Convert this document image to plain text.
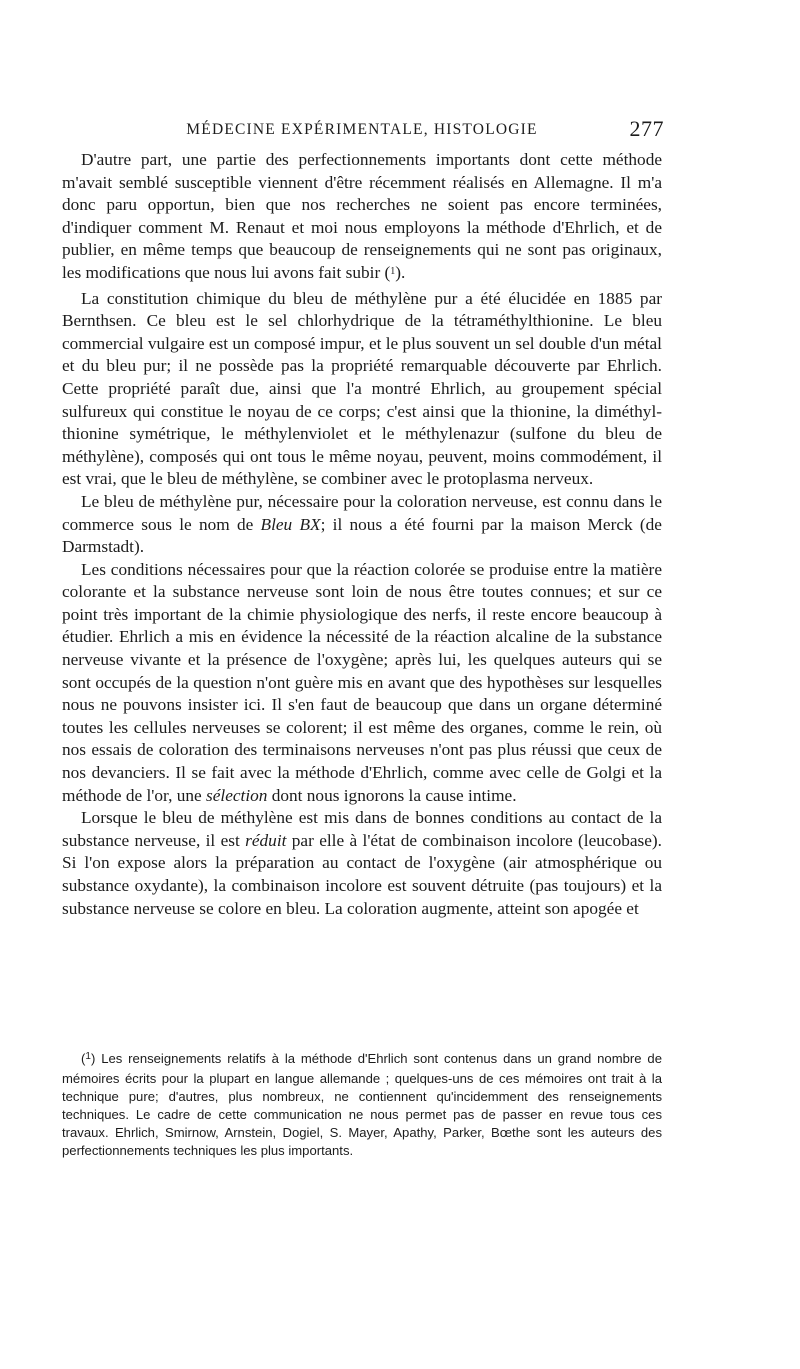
MÉDECINE EXPÉRIMENTALE, HISTOLOGIE	277

D'autre part, une partie des perfectionnements importants dont cette méthode m'avait semblé susceptible viennent d'être récemment réalisés en Allemagne. Il m'a donc paru opportun, bien que nos recherches ne soient pas encore terminées, d'indiquer comment M. Renaut et moi nous employons la méthode d'Ehrlich, et de publier, en même temps que beaucoup de renseignements qui ne sont pas originaux, les modifications que nous lui avons fait subir ($^1$).

La constitution chimique du bleu de méthylène pur a été élucidée en 1885 par Bernthsen. Ce bleu est le sel chlorhydrique de la tétraméthylthionine. Le bleu commercial vulgaire est un composé impur, et le plus souvent un sel double d'un métal et du bleu pur; il ne possède pas la propriété remarquable découverte par Ehrlich. Cette propriété paraît due, ainsi que l'a montré Ehrlich, au groupement spécial sulfureux qui constitue le noyau de ce corps; c'est ainsi que la thionine, la diméthyl-thionine symétrique, le méthylenviolet et le méthylenazur (sulfone du bleu de méthylène), composés qui ont tous le même noyau, peuvent, moins commodément, il est vrai, que le bleu de méthylène, se combiner avec le protoplasma nerveux.

Le bleu de méthylène pur, nécessaire pour la coloration nerveuse, est connu dans le commerce sous le nom de Bleu BX; il nous a été fourni par la maison Merck (de Darmstadt).

Les conditions nécessaires pour que la réaction colorée se produise entre la matière colorante et la substance nerveuse sont loin de nous être toutes connues; et sur ce point très important de la chimie physiologique des nerfs, il reste encore beaucoup à étudier. Ehrlich a mis en évidence la nécessité de la réaction alcaline de la substance nerveuse vivante et la présence de l'oxygène; après lui, les quelques auteurs qui se sont occupés de la question n'ont guère mis en avant que des hypothèses sur lesquelles nous ne pouvons insister ici. Il s'en faut de beaucoup que dans un organe déterminé toutes les cellules nerveuses se colorent; il est même des organes, comme le rein, où nos essais de coloration des terminaisons nerveuses n'ont pas plus réussi que ceux de nos devanciers. Il se fait avec la méthode d'Ehrlich, comme avec celle de Golgi et la méthode de l'or, une sélection dont nous ignorons la cause intime.

Lorsque le bleu de méthylène est mis dans de bonnes conditions au contact de la substance nerveuse, il est réduit par elle à l'état de combinaison incolore (leucobase). Si l'on expose alors la préparation au contact de l'oxygène (air atmosphérique ou substance oxydante), la combinaison incolore est souvent détruite (pas toujours) et la substance nerveuse se colore en bleu. La coloration augmente, atteint son apogée et

($^1$) Les renseignements relatifs à la méthode d'Ehrlich sont contenus dans un grand nombre de mémoires écrits pour la plupart en langue allemande ; quelques-uns de ces mémoires ont trait à la technique pure; d'autres, plus nombreux, ne contiennent qu'incidemment des renseignements techniques. Le cadre de cette communication ne nous permet pas de passer en revue tous ces travaux. Ehrlich, Smirnow, Arnstein, Dogiel, S. Mayer, Apathy, Parker, Bœthe sont les auteurs des perfectionnements techniques les plus importants.
